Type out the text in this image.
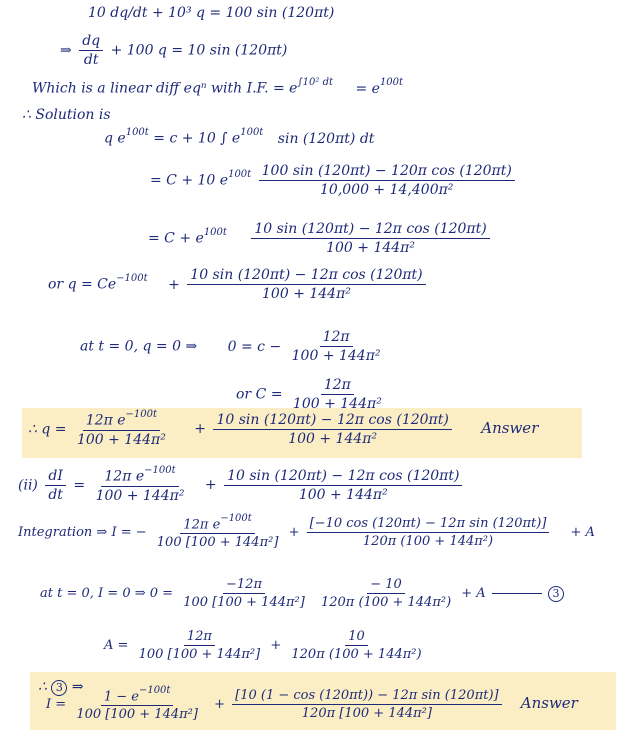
10 dq/dt + 10³ q = 100 sin (120πt)
⇒ $\frac{dq}{dt} + 100$ q = 10 sin (120πt)
Which is a linear diff eqⁿ with I.F. = $e^{\int 10^2 dt} = e^{100t}$
∴ Solution is
q $e^{100t} = c + 10$ ∫ $e^{100t}$ sin (120πt) dt
= C + 10 $e^{100t} \frac{\text{100 sin (120πt) − 120π cos (120πt)}}{\text{10,000 + 14,400π²}}$
= $C + e^{100t} \frac{\text{10 sin (120πt) − 12π cos (120πt)}}{\text{100 + 144π²}}$
or $q = Ce^{-100t} + \frac{\text{10 sin (120πt) − 12π cos (120πt)}}{\text{100 + 144π²}}$
at t = 0, q = 0 ⇒ $0 = c - \frac{12\pi}{\text{100 + 144π²}}$
or $C = \frac{12\pi}{\text{100 + 144π²}}$
∴ $q = \frac{12\pi e^{-100t}}{\text{100 + 144π²}} + \frac{\text{10 sin (120πt) − 12π cos (120πt)}}{\text{100 + 144π²}}$ Answer
$(ii) \frac{dI}{dt} = \frac{12\pi e^{-100t}}{\text{100 + 144π²}} + \frac{\text{10 sin (120πt) − 12π cos (120πt)}}{\text{100 + 144π²}}$
Integration ⇒ I = − $\frac{12\pi e^{-100t}}{\text{100 [100 + 144π²]}} + \frac{\text{[−10 cos (120πt) − 12π sin (120πt)]}}{\text{120π (100 + 144π²)}} + A$
at t = 0, I = 0 ⇒ $0 = \frac{-12\pi}{\text{100 [100 + 144π²]}}$
$\frac{- 10}{\text{120π (100 + 144π²)}} + A$	3
$A = \frac{12\pi}{\text{100 [100 + 144π²]}} + \frac{10}{\text{120π (100 + 144π²)}}$
∴ 3 ⇒
$I = \frac{1 - e^{-100t}}{\text{100 [100 + 144π²]}} + \frac{\text{[10 (1 − cos (120πt)) − 12π sin (120πt)]}}{\text{120π [100 + 144π²]}}$ Answer
